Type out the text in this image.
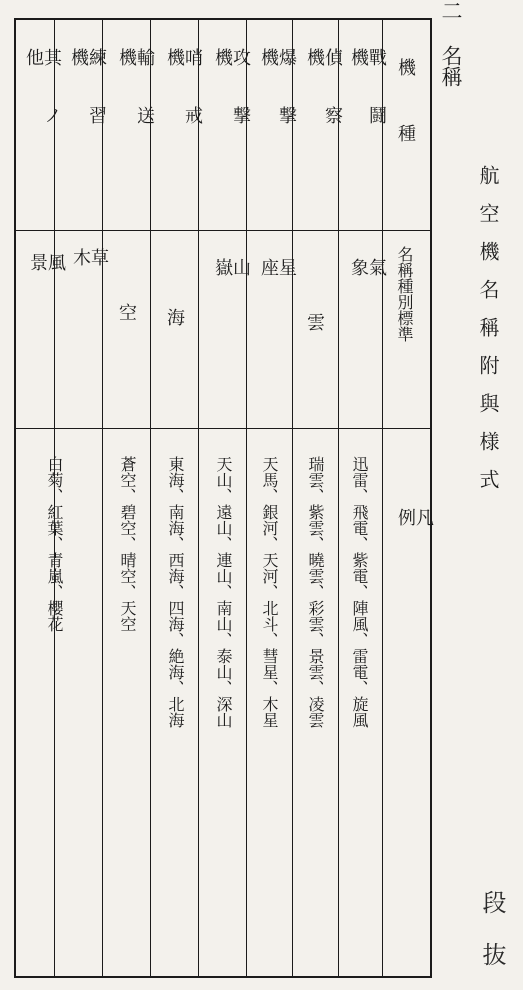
二 名稱
航空機名稱附與様式
段 抜
機種
名稱種別標準
凡例
戰鬪機
氣象
迅雷、飛電、紫電、陣風、雷電、旋風
偵察機
雲
瑞雲、紫雲、曉雲、彩雲、景雲、凌雲
爆撃機
星座
天馬、銀河、天河、北斗、彗星、木星
攻撃機
山嶽
天山、遠山、連山、南山、泰山、深山
哨戒機
海
東海、南海、西海、四海、絶海、北海
輸送機
空
蒼空、碧空、晴空、天空
練習機
草木
白菊、紅葉、青嵐、櫻花
其ノ他
風景
